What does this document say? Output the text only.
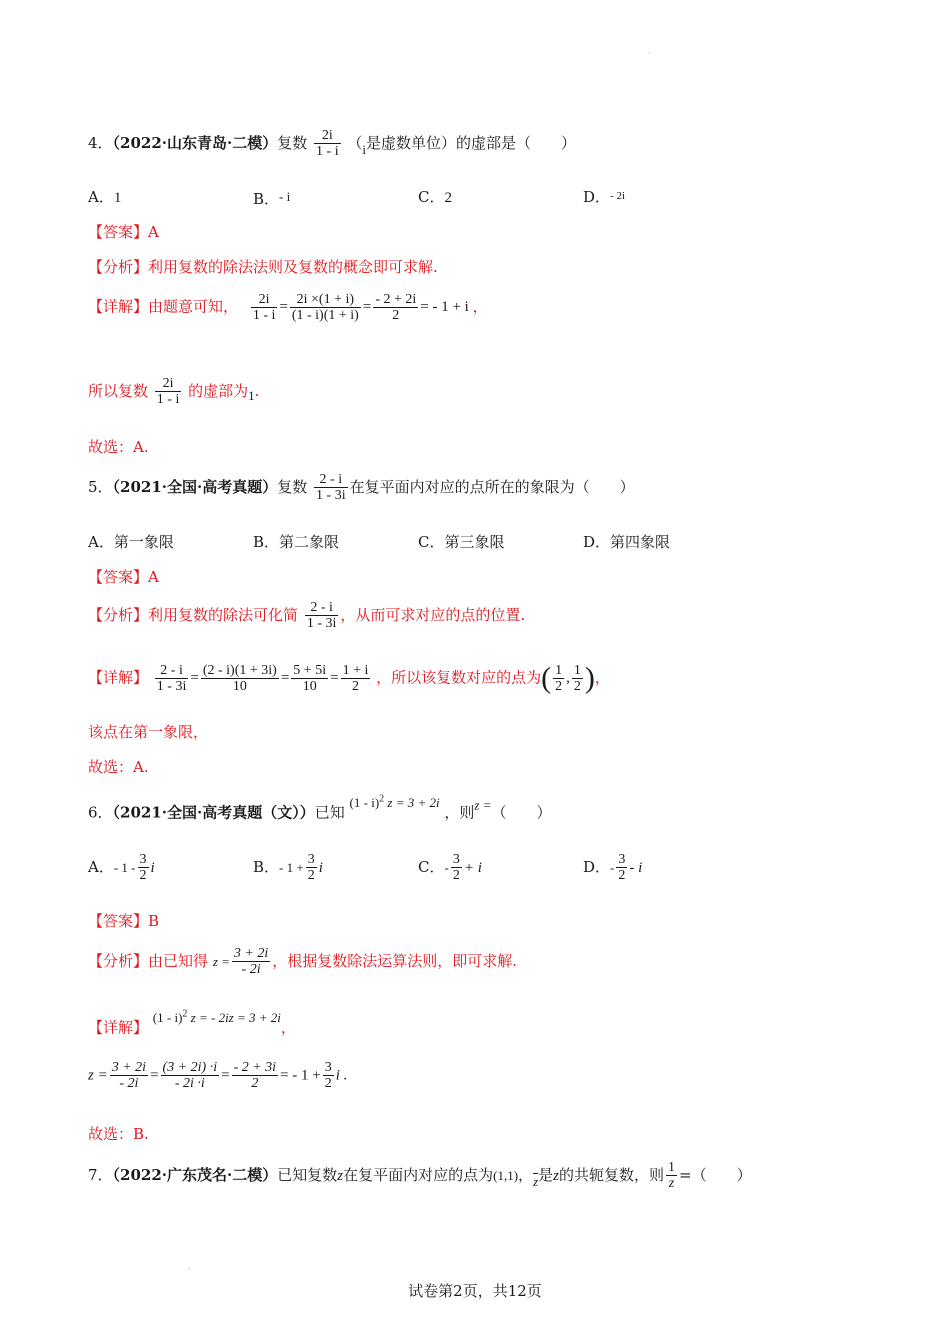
.
4．（2022·山东青岛·二模）复数 $\frac{2i}{1 - i} (i$是虚数单位）的虚部是（　　）
A．1	B．- i	C．2	D．$^{- 2i}$
【答案】A
【分析】利用复数的除法法则及复数的概念即可求解.
【详解】由题意可知， $\frac{2i}{1 - i} = \frac{2i \times(1 + i)}{(1 - i)(1 + i)} = \frac{- 2 + 2i}{2}$ = - 1 + i ，
所以复数 $\frac{2i}{1 - i}$ 的虚部为1.
故选：A.
5．（2021·全国·高考真题）复数 $\frac{2 - i}{1 - 3i}$ 在复平面内对应的点所在的象限为（　　）
A．第一象限	B．第二象限	C．第三象限	D．第四象限
【答案】A
【分析】利用复数的除法可化简 $\frac{2 - i}{1 - 3i}$ ，从而可求对应的点的位置.
【详解】 $\frac{2 - i}{1 - 3i} = \frac{(2 - i)(1 + 3i)}{10} = \frac{5 + 5i}{10} = \frac{1 + i}{2}$ ，所以该复数对应的点为( $\frac{1}{2}$ , $\frac{1}{2}$ )，
该点在第一象限，
故选：A.
6．（2021·全国·高考真题（文））已知 (1 - i)$^2$ z = 3 + 2i ，则z =（　　）
A．- $1 - \frac{3}{2}$ i	B．- $1 + \frac{3}{2}$ i	C．- $\frac{3}{2} + i$	D．- $\frac{3}{2}$ - i
【答案】B
【分析】由已知得 $z = \frac{3 + 2i}{- 2i}$ ，根据复数除法运算法则，即可求解.
【详解】 (1 - i)$^2$ z = - 2iz = 3 + 2i，
$z = \frac{3 + 2i}{- 2i} = \frac{(3 + 2i) \cdot i}{- 2i \cdot i} = \frac{- 2 + 3i}{2}$ = - $1 + \frac{3}{2}$ i .
故选：B.
7．（2022·广东茂名·二模）已知复数z在复平面内对应的点为(1,1)，$\overline{z}$是z的共轭复数，则 $\frac{1}{z}$ =（　　）
.
试卷第2页，共12页
